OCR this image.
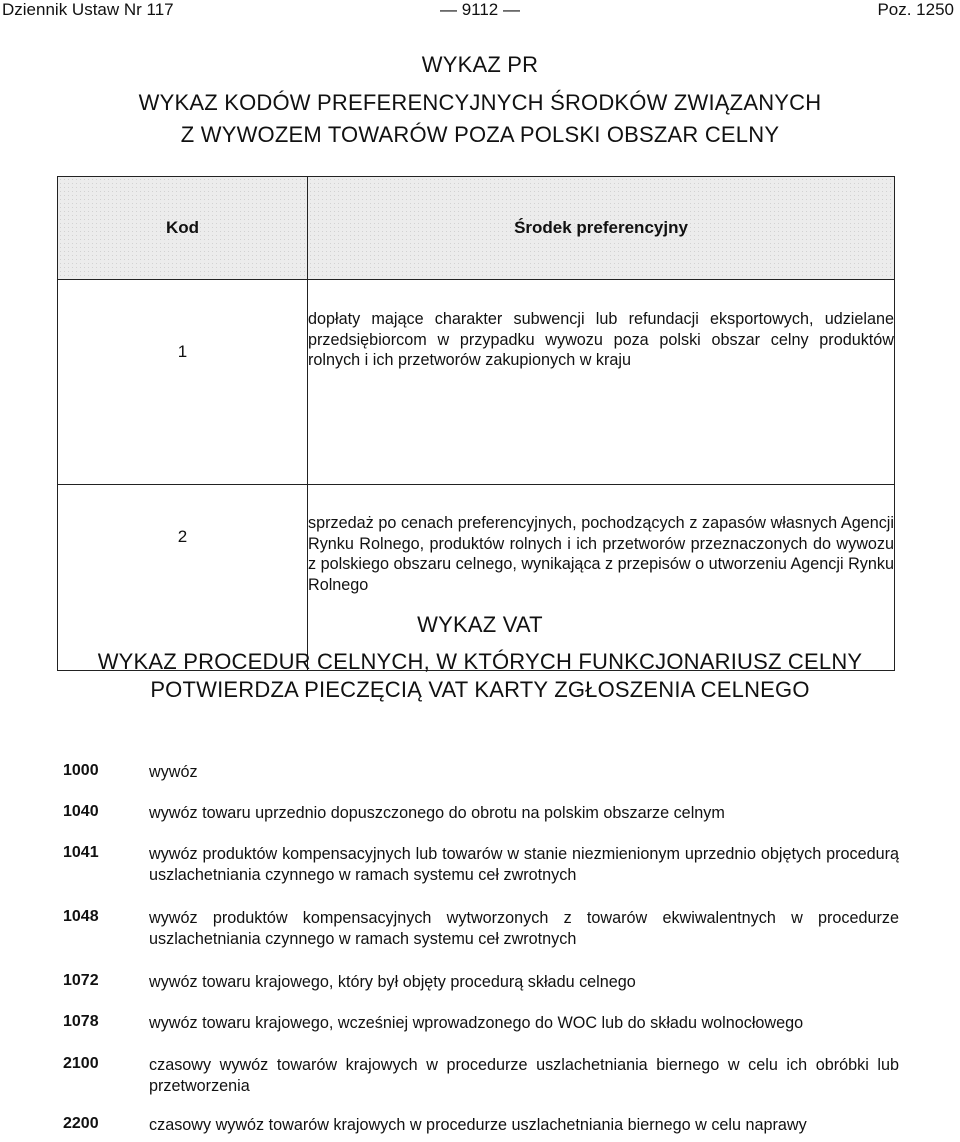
Dziennik Ustaw Nr 117	— 9112 —	Poz. 1250
WYKAZ PR
WYKAZ KODÓW PREFERENCYJNYCH ŚRODKÓW ZWIĄZANYCH
Z WYWOZEM TOWARÓW POZA POLSKI OBSZAR CELNY
Kod	Środek preferencyjny
1	dopłaty mające charakter subwencji lub refundacji eksportowych, udzielane przedsiębiorcom w przypadku wywozu poza polski obszar celny produktów rolnych i ich przetworów zakupionych w kraju
2	sprzedaż po cenach preferencyjnych, pochodzących z zapasów własnych Agencji Rynku Rolnego, produktów rolnych i ich przetworów przeznaczonych do wywozu z polskiego obszaru celnego, wynikająca z przepisów o utworzeniu Agencji Rynku Rolnego
WYKAZ VAT
WYKAZ PROCEDUR CELNYCH, W KTÓRYCH FUNKCJONARIUSZ CELNY
POTWIERDZA PIECZĘCIĄ VAT KARTY ZGŁOSZENIA CELNEGO
1000	wywóz
1040	wywóz towaru uprzednio dopuszczonego do obrotu na polskim obszarze celnym
1041	wywóz produktów kompensacyjnych lub towarów w stanie niezmienionym uprzednio objętych procedurą uszlachetniania czynnego w ramach systemu ceł zwrotnych
1048	wywóz produktów kompensacyjnych wytworzonych z towarów ekwiwalentnych w procedurze uszlachetniania czynnego w ramach systemu ceł zwrotnych
1072	wywóz towaru krajowego, który był objęty procedurą składu celnego
1078	wywóz towaru krajowego, wcześniej wprowadzonego do WOC lub do składu wolnocłowego
2100	czasowy wywóz towarów krajowych w procedurze uszlachetniania biernego w celu ich obróbki lub przetworzenia
2200	czasowy wywóz towarów krajowych w procedurze uszlachetniania biernego w celu naprawy
